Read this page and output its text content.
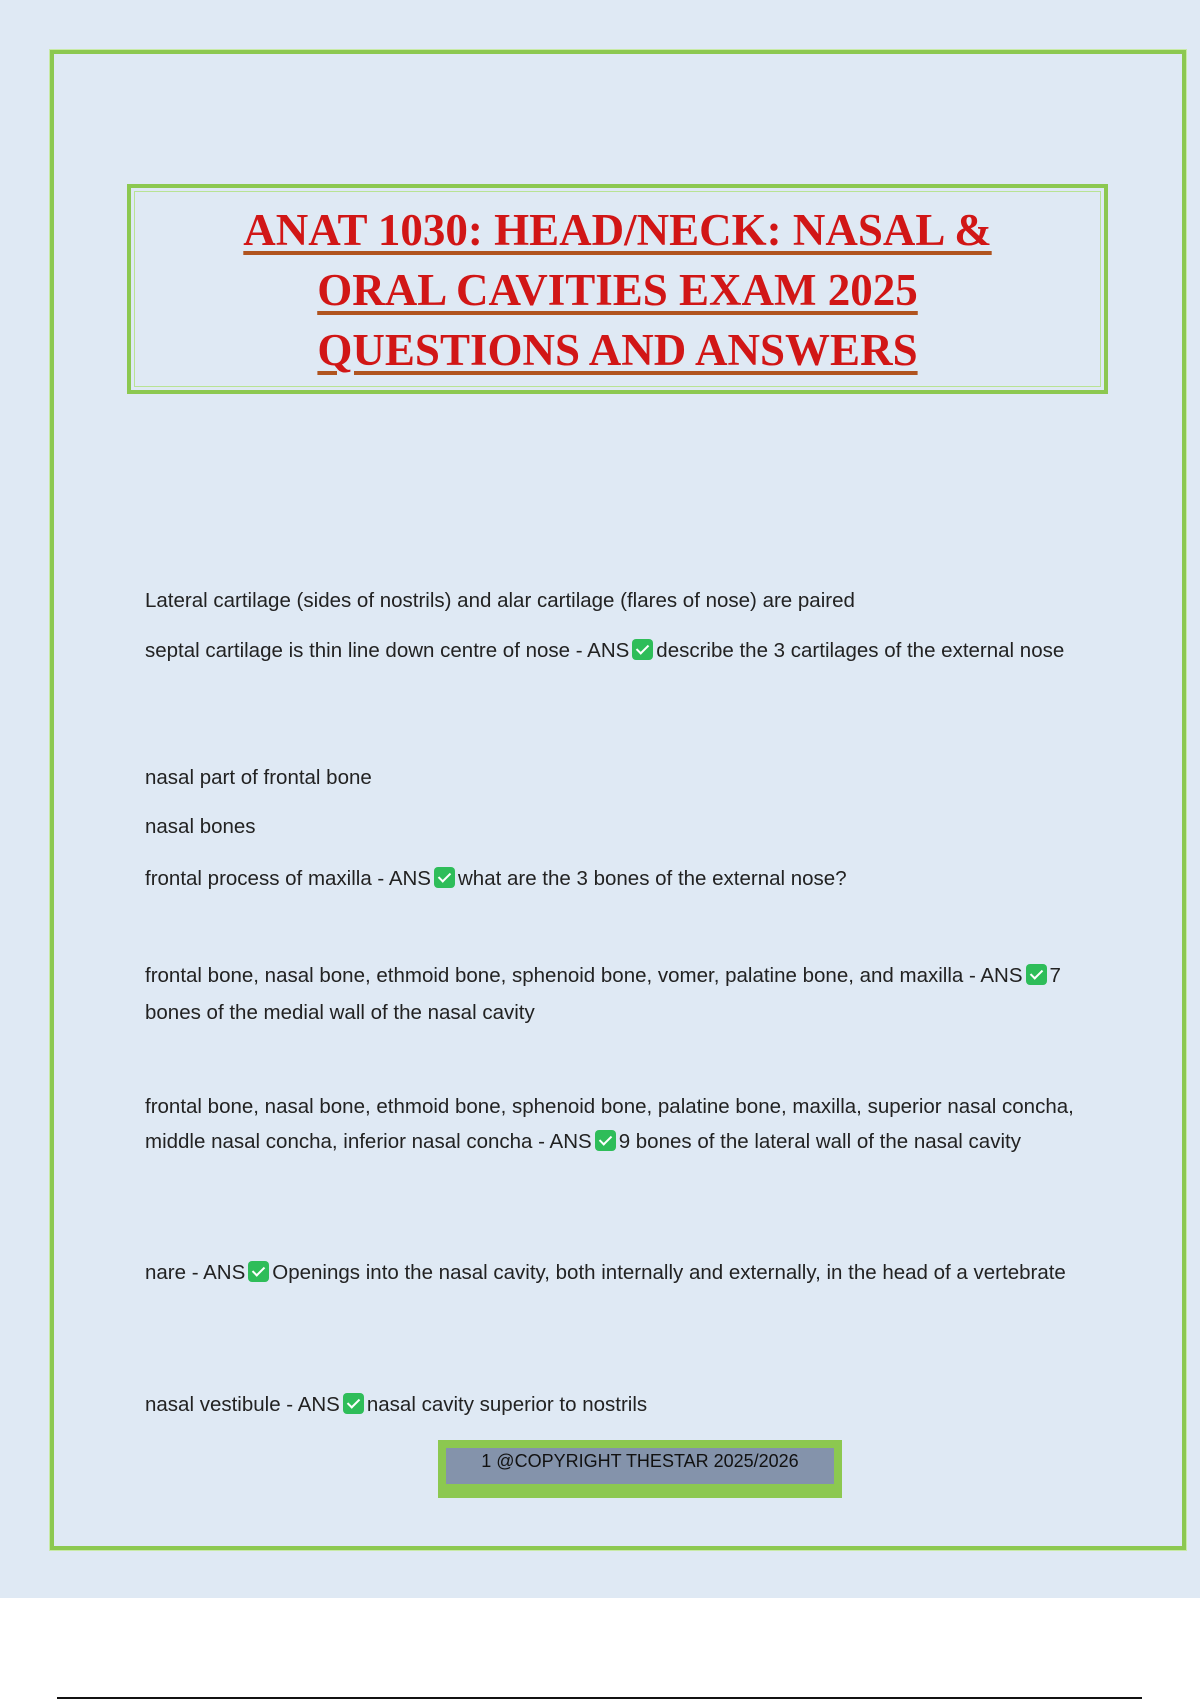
ANAT 1030: HEAD/NECK: NASAL &
ORAL CAVITIES EXAM 2025
QUESTIONS AND ANSWERS
Lateral cartilage (sides of nostrils) and alar cartilage (flares of nose) are paired
septal cartilage is thin line down centre of nose - ANS describe the 3 cartilages of the external nose
nasal part of frontal bone
nasal bones
frontal process of maxilla - ANS what are the 3 bones of the external nose?
frontal bone, nasal bone, ethmoid bone, sphenoid bone, vomer, palatine bone, and maxilla - ANS 7 bones of the medial wall of the nasal cavity
frontal bone, nasal bone, ethmoid bone, sphenoid bone, palatine bone, maxilla, superior nasal concha, middle nasal concha, inferior nasal concha - ANS 9 bones of the lateral wall of the nasal cavity
nare - ANS Openings into the nasal cavity, both internally and externally, in the head of a vertebrate
nasal vestibule - ANS nasal cavity superior to nostrils
1 @COPYRIGHT THESTAR 2025/2026
